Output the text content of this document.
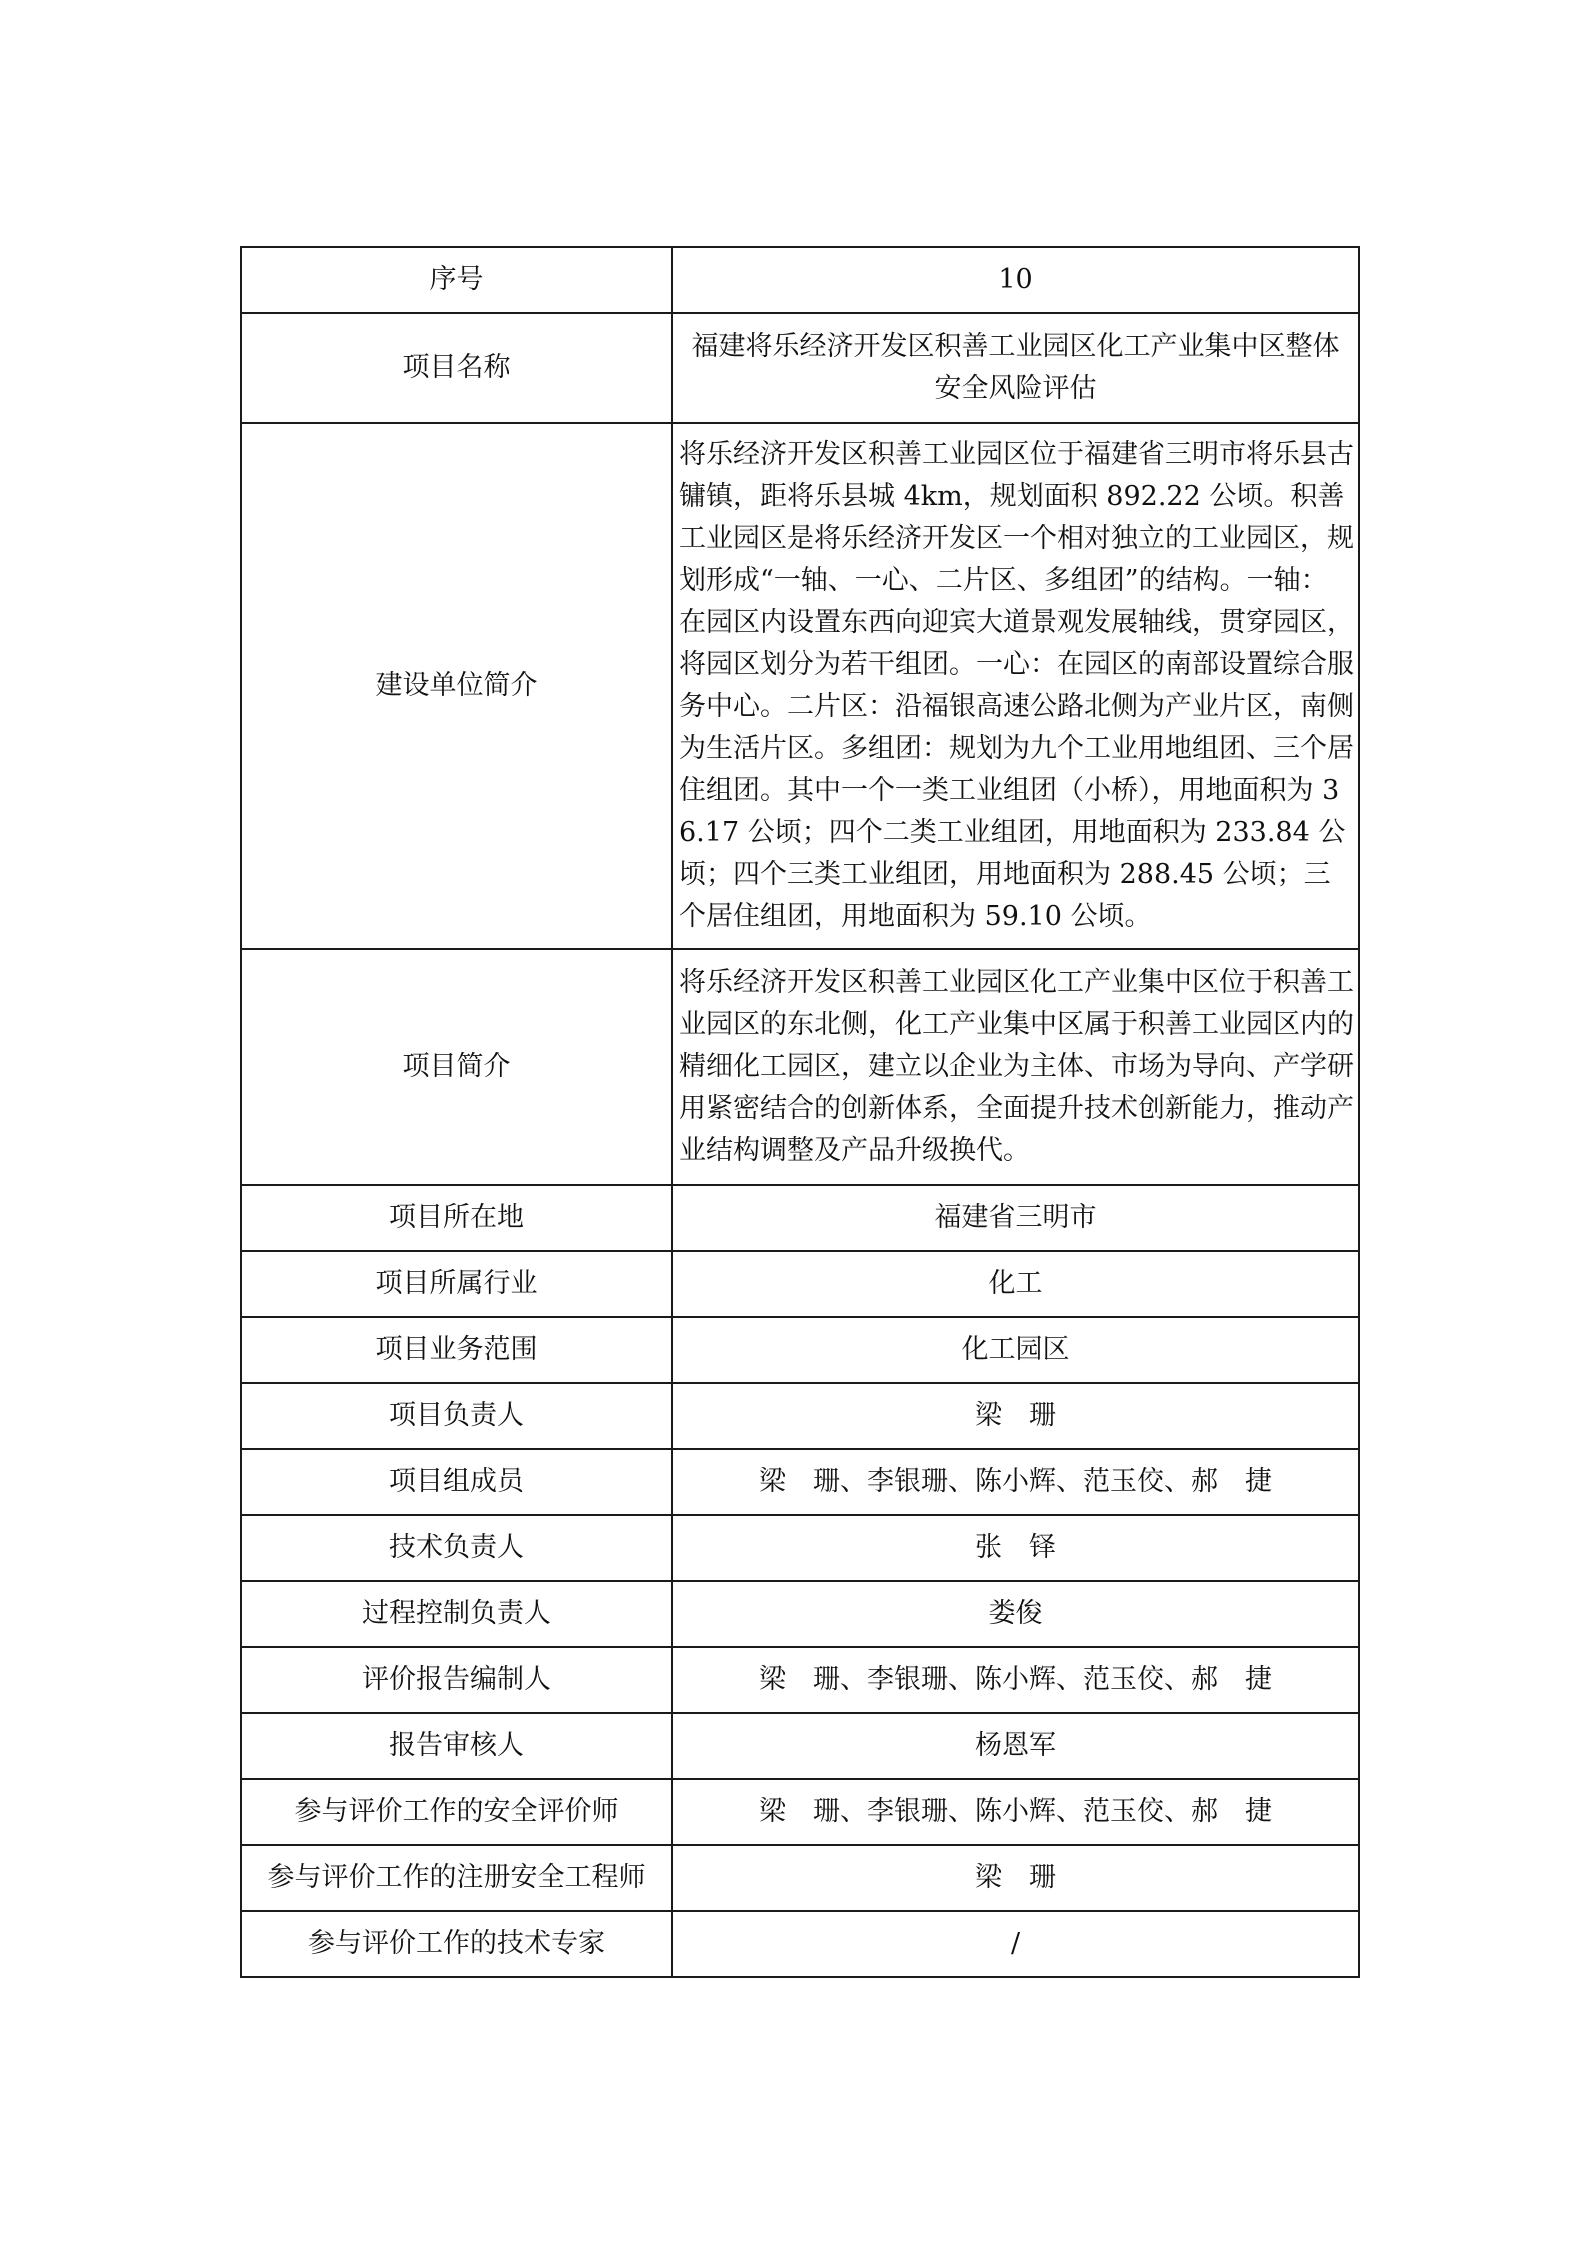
序号	10
项目名称	福建将乐经济开发区积善工业园区化工产业集中区整体安全风险评估
建设单位简介	将乐经济开发区积善工业园区位于福建省三明市将乐县古镛镇，距将乐县城 4km，规划面积 892.22 公顷。积善工业园区是将乐经济开发区一个相对独立的工业园区，规划形成“一轴、一心、二片区、多组团”的结构。一轴：在园区内设置东西向迎宾大道景观发展轴线，贯穿园区，将园区划分为若干组团。一心：在园区的南部设置综合服务中心。二片区：沿福银高速公路北侧为产业片区，南侧为生活片区。多组团：规划为九个工业用地组团、三个居住组团。其中一个一类工业组团（小桥），用地面积为 36.17 公顷；四个二类工业组团，用地面积为 233.84 公顷；四个三类工业组团，用地面积为 288.45 公顷；三个居住组团，用地面积为 59.10 公顷。
项目简介	将乐经济开发区积善工业园区化工产业集中区位于积善工业园区的东北侧，化工产业集中区属于积善工业园区内的精细化工园区，建立以企业为主体、市场为导向、产学研用紧密结合的创新体系，全面提升技术创新能力，推动产业结构调整及产品升级换代。
项目所在地	福建省三明市
项目所属行业	化工
项目业务范围	化工园区
项目负责人	梁　珊
项目组成员	梁　珊、李银珊、陈小辉、范玉佼、郝　捷
技术负责人	张　铎
过程控制负责人	娄俊
评价报告编制人	梁　珊、李银珊、陈小辉、范玉佼、郝　捷
报告审核人	杨恩军
参与评价工作的安全评价师	梁　珊、李银珊、陈小辉、范玉佼、郝　捷
参与评价工作的注册安全工程师	梁　珊
参与评价工作的技术专家	/
